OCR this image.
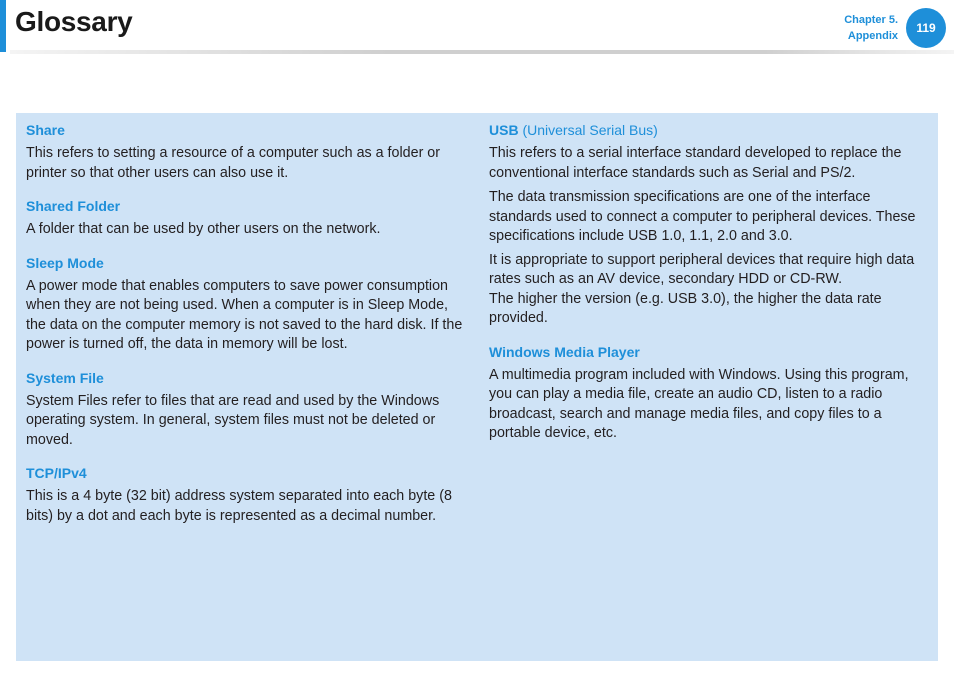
Glossary	Chapter 5.
Appendix
119

Share

This refers to setting a resource of a computer such as a folder or printer so that other users can also use it.

Shared Folder

A folder that can be used by other users on the network.

Sleep Mode

A power mode that enables computers to save power consumption when they are not being used. When a computer is in Sleep Mode, the data on the computer memory is not saved to the hard disk. If the power is turned off, the data in memory will be lost.

System File

System Files refer to files that are read and used by the Windows operating system. In general, system files must not be deleted or moved.

TCP/IPv4

This is a 4 byte (32 bit) address system separated into each byte (8 bits) by a dot and each byte is represented as a decimal number.

USB (Universal Serial Bus)

This refers to a serial interface standard developed to replace the conventional interface standards such as Serial and PS/2.

The data transmission specifications are one of the interface standards used to connect a computer to peripheral devices. These specifications include USB 1.0, 1.1, 2.0 and 3.0.

It is appropriate to support peripheral devices that require high data rates such as an AV device, secondary HDD or CD-RW.

The higher the version (e.g. USB 3.0), the higher the data rate provided.

Windows Media Player

A multimedia program included with Windows. Using this program, you can play a media file, create an audio CD, listen to a radio broadcast, search and manage media files, and copy files to a portable device, etc.
